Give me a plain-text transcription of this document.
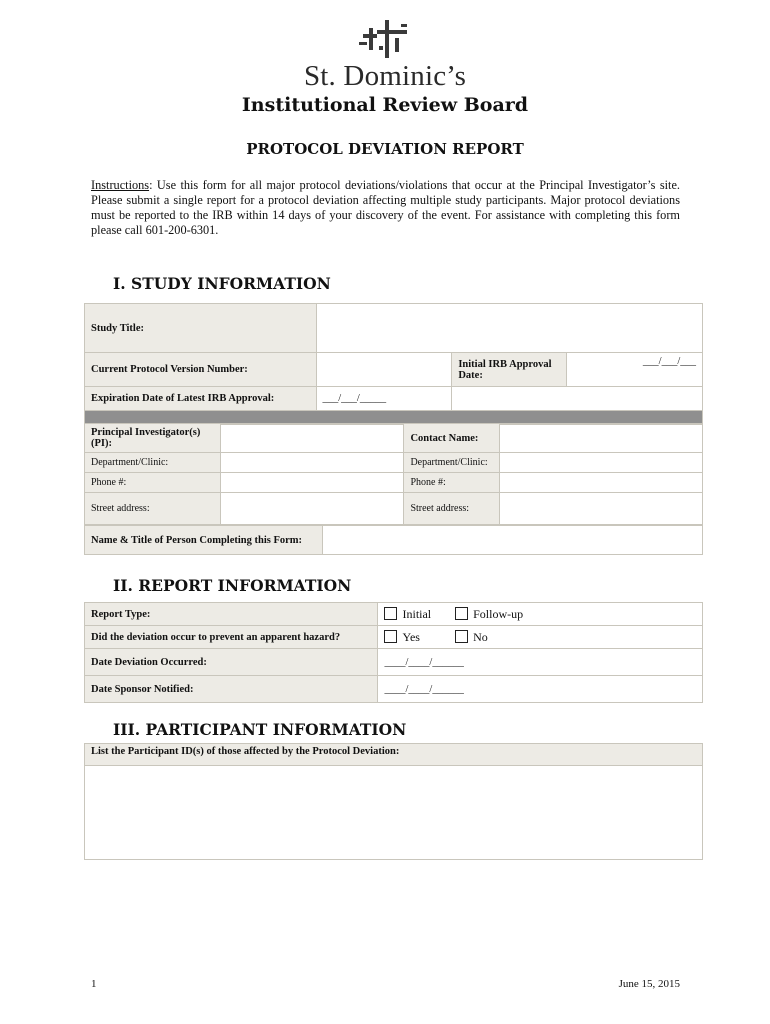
St. Dominic’s
Institutional Review Board
PROTOCOL DEVIATION REPORT
Instructions: Use this form for all major protocol deviations/violations that occur at the Principal Investigator’s site. Please submit a single report for a protocol deviation affecting multiple study participants. Major protocol deviations must be reported to the IRB within 14 days of your discovery of the event. For assistance with completing this form please call 601-200-6301.
I. STUDY INFORMATION
Study Title:			
Current Protocol Version Number:		Initial IRB Approval Date:	___/___/___
Expiration Date of Latest IRB Approval:	___/___/_____		

Principal Investigator(s) (PI):		Contact Name:	
Department/Clinic:		Department/Clinic:	
Phone #:		Phone #:	
Street address:		Street address:	
Name & Title of Person Completing this Form:	
II. REPORT INFORMATION
Report Type:	Initial Follow-up
Did the deviation occur to prevent an apparent hazard?	Yes No
Date Deviation Occurred:	____/____/______
Date Sponsor Notified:	____/____/______
III. PARTICIPANT INFORMATION
List the Participant ID(s) of those affected by the Protocol Deviation:

1	June 15, 2015
